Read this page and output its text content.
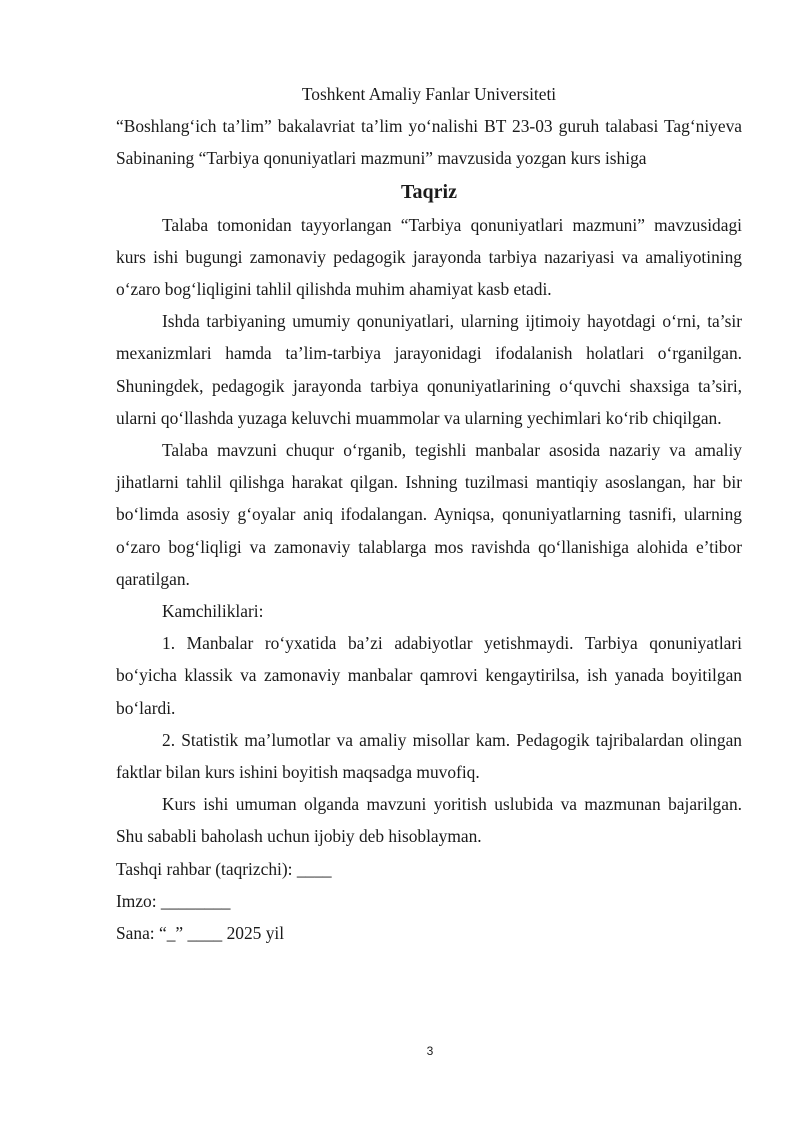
Toshkent Amaliy Fanlar Universiteti

“Boshlang‘ich ta’lim” bakalavriat ta’lim yo‘nalishi BT 23-03 guruh talabasi Tag‘niyeva Sabinaning “Tarbiya qonuniyatlari mazmuni” mavzusida yozgan kurs ishiga

Taqriz

Talaba tomonidan tayyorlangan “Tarbiya qonuniyatlari mazmuni” mavzusidagi kurs ishi bugungi zamonaviy pedagogik jarayonda tarbiya nazariyasi va amaliyotining o‘zaro bog‘liqligini tahlil qilishda muhim ahamiyat kasb etadi.

Ishda tarbiyaning umumiy qonuniyatlari, ularning ijtimoiy hayotdagi o‘rni, ta’sir mexanizmlari hamda ta’lim-tarbiya jarayonidagi ifodalanish holatlari o‘rganilgan. Shuningdek, pedagogik jarayonda tarbiya qonuniyatlarining o‘quvchi shaxsiga ta’siri, ularni qo‘llashda yuzaga keluvchi muammolar va ularning yechimlari ko‘rib chiqilgan.

Talaba mavzuni chuqur o‘rganib, tegishli manbalar asosida nazariy va amaliy jihatlarni tahlil qilishga harakat qilgan. Ishning tuzilmasi mantiqiy asoslangan, har bir bo‘limda asosiy g‘oyalar aniq ifodalangan. Ayniqsa, qonuniyatlarning tasnifi, ularning o‘zaro bog‘liqligi va zamonaviy talablarga mos ravishda qo‘llanishiga alohida e’tibor qaratilgan.

Kamchiliklari:

1. Manbalar ro‘yxatida ba’zi adabiyotlar yetishmaydi. Tarbiya qonuniyatlari bo‘yicha klassik va zamonaviy manbalar qamrovi kengaytirilsa, ish yanada boyitilgan bo‘lardi.

2. Statistik ma’lumotlar va amaliy misollar kam. Pedagogik tajribalardan olingan faktlar bilan kurs ishini boyitish maqsadga muvofiq.

Kurs ishi umuman olganda mavzuni yoritish uslubida va mazmunan bajarilgan. Shu sababli baholash uchun ijobiy deb hisoblayman.

Tashqi rahbar (taqrizchi): ____

Imzo: ________

Sana: “_” ____ 2025 yil

3
